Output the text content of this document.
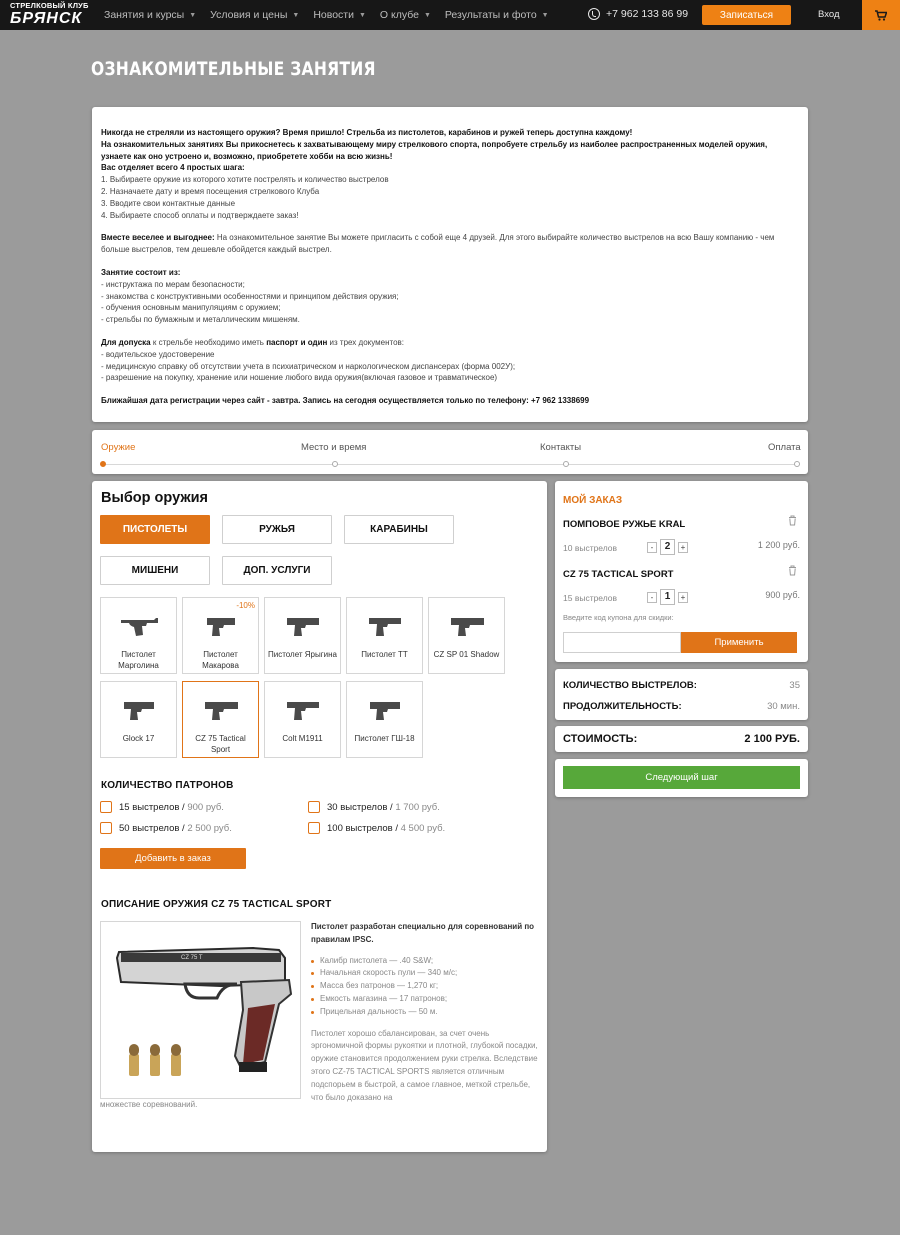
СТРЕЛКОВЫЙ КЛУБ
БРЯНСК	Занятия и курсы ▼ Условия и цены ▼ Новости ▼ О клубе ▼ Результаты и фото ▼	+7 962 133 86 99	Записаться	Вход
ОЗНАКОМИТЕЛЬНЫЕ ЗАНЯТИЯ
Никогда не стреляли из настоящего оружия? Время пришло! Стрельба из пистолетов, карабинов и ружей теперь доступна каждому!
На ознакомительных занятиях Вы прикоснетесь к захватывающему миру стрелкового спорта, попробуете стрельбу из наиболее распространенных моделей оружия, узнаете как оно устроено и, возможно, приобретете хобби на всю жизнь!
Вас отделяет всего 4 простых шага:
1. Выбираете оружие из которого хотите пострелять и количество выстрелов
2. Назначаете дату и время посещения стрелкового Клуба
3. Вводите свои контактные данные
4. Выбираете способ оплаты и подтверждаете заказ!
Вместе веселее и выгоднее: На ознакомительное занятие Вы можете пригласить с собой еще 4 друзей. Для этого выбирайте количество выстрелов на всю Вашу компанию - чем больше выстрелов, тем дешевле обойдется каждый выстрел.
Занятие состоит из:
- инструктажа по мерам безопасности;
- знакомства с конструктивными особенностями и принципом действия оружия;
- обучения основным манипуляциям с оружием;
- стрельбы по бумажным и металлическим мишеням.
Для допуска к стрельбе необходимо иметь паспорт и один из трех документов:
- водительское удостоверение
- медицинскую справку об отсутствии учета в психиатрическом и наркологическом диспансерах (форма 002У);
- разрешение на покупку, хранение или ношение любого вида оружия(включая газовое и травматическое)
Ближайшая дата регистрации через сайт - завтра. Запись на сегодня осуществляется только по телефону: +7 962 1338699
Оружие	Место и время	Контакты	Оплата
Выбор оружия
ПИСТОЛЕТЫ	РУЖЬЯ	КАРАБИНЫ
МИШЕНИ	ДОП. УСЛУГИ
Пистолет Марголина
-10%
Пистолет Макарова
Пистолет Ярыгина	Пистолет ТТ	CZ SP 01 Shadow
Glock 17	CZ 75 Tactical Sport
Colt M1911	Пистолет ГШ-18
КОЛИЧЕСТВО ПАТРОНОВ
15 выстрелов / 900 руб.	30 выстрелов / 1 700 руб.
50 выстрелов / 2 500 руб.	100 выстрелов / 4 500 руб.
Добавить в заказ
ОПИСАНИЕ ОРУЖИЯ CZ 75 TACTICAL SPORT
CZ 75 T
Пистолет разработан специально для соревнований по правилам IPSC.
Калибр пистолета — .40 S&W;
Начальная скорость пули — 340 м/с;
Масса без патронов — 1,270 кг;
Емкость магазина — 17 патронов;
Прицельная дальность — 50 м.
Пистолет хорошо сбалансирован, за счет очень эргономичной формы рукоятки и плотной, глубокой посадки, оружие становится продолжением руки стрелка. Вследствие этого CZ-75 TACTICAL SPORTS является отличным подспорьем в быстрой, а самое главное, меткой стрельбе, что было доказано на
множестве соревнований.
МОЙ ЗАКАЗ
ПОМПОВОЕ РУЖЬЕ KRAL
10 выстрелов	-	2	+	1 200 руб.
CZ 75 TACTICAL SPORT
15 выстрелов	-	1	+	900 руб.
Введите код купона для скидки:
Применить
КОЛИЧЕСТВО ВЫСТРЕЛОВ:	35
ПРОДОЛЖИТЕЛЬНОСТЬ:	30 мин.
СТОИМОСТЬ:	2 100 РУБ.
Следующий шаг
